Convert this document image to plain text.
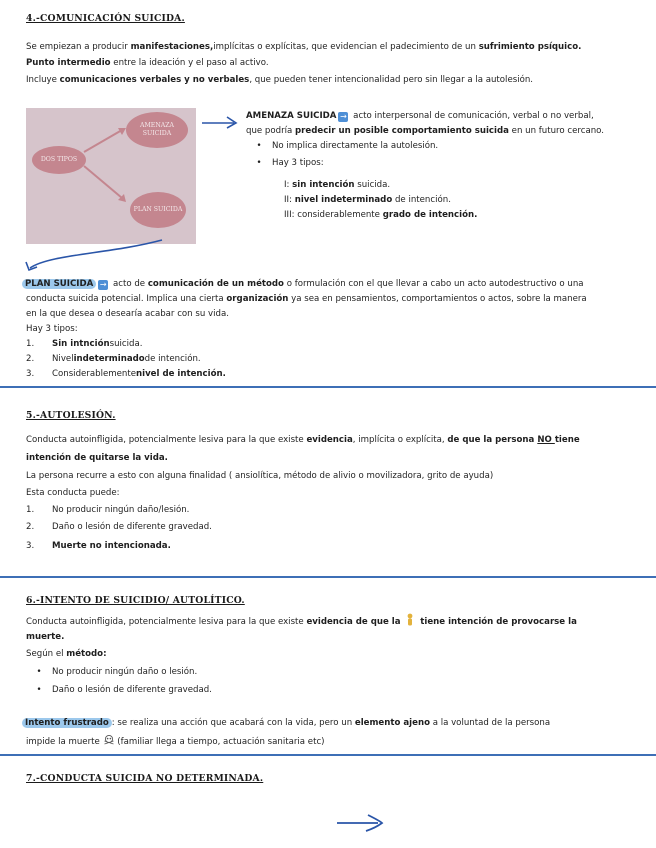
4.-COMUNICACIÓN SUICIDA.
Se empiezan a producir manifestaciones,implícitas o explícitas, que evidencian el padecimiento de un sufrimiento psíquico.
Punto intermedio entre la ideación y el paso al activo.
Incluye comunicaciones verbales y no verbales, que pueden tener intencionalidad pero sin llegar a la autolesión.
DOS TIPOS
AMENAZA SUICIDA
PLAN SUICIDA
AMENAZA SUICIDA → acto interpersonal de comunicación, verbal o no verbal,
que podría predecir un posible comportamiento suicida en un futuro cercano.
•	No implica directamente la autolesión.
•	Hay 3 tipos:
I: sin intención suicida.
II: nivel indeterminado de intención.
III: considerablemente grado de intención.
PLAN SUICIDA → acto de comunicación de un método o formulación con el que llevar a cabo un acto autodestructivo o una
conducta suicida potencial. Implica una cierta organización ya sea en pensamientos, comportamientos o actos, sobre la manera
en la que desea o desearía acabar con su vida.
Hay 3 tipos:
1.	Sin intnción suicida.
2.	Nivel indeterminado de intención.
3.	Considerablemente nivel de intención.
5.-AUTOLESIÓN.
Conducta autoinfligida, potencialmente lesiva para la que existe evidencia, implícita o explícita, de que la persona NO tiene
intención de quitarse la vida.
La persona recurre a esto con alguna finalidad ( ansiolítica, método de alivio o movilizadora, grito de ayuda)
Esta conducta puede:
1.	No producir ningún daño/lesión.
2.	Daño o lesión de diferente gravedad.
3.	Muerte no intencionada.
6.-INTENTO DE SUICIDIO/ AUTOLÍTICO.
Conducta autoinfligida, potencialmente lesiva para la que existe evidencia de que la  tiene intención de provocarse la
muerte.
Según el método:
•	No producir ningún daño o lesión.
•	Daño o lesión de diferente gravedad.
Intento frustrado : se realiza una acción que acabará con la vida, pero un elemento ajeno a la voluntad de la persona
impide la muerte  (familiar llega a tiempo, actuación sanitaria etc)
7.-CONDUCTA SUICIDA NO DETERMINADA.
